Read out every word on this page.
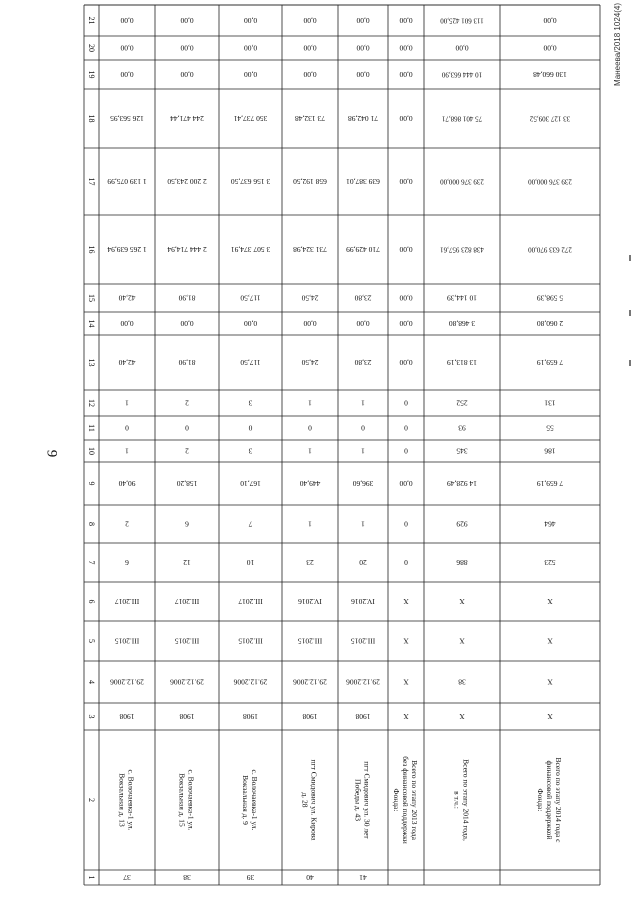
1
2
3
4
5
6
7
8
9
10
11
12
13
14
15
16
17
18
19
20
21
37
с. Волочаевка-1 ул.Вокзальная д. 13
1908
29.12.2006
III.2015
III.2017
6
2
90,40
1
0
1
42,40
0,00
42,40
1 265 639,94
1 139 075,99
126 563,95
0,00
0,00
0,00
38
с. Волочаевка-1 ул.Вокзальная д. 15
1908
29.12.2006
III.2015
III.2017
12
6
158,20
2
0
2
81,90
0,00
81,90
2 444 714,94
2 200 243,50
244 471,44
0,00
0,00
0,00
39
с. Волочаевка-1 ул.Вокзальная д. 9
1908
29.12.2006
III.2015
III.2017
10
7
167,10
3
0
3
117,50
0,00
117,50
3 507 374,91
3 156 637,50
350 737,41
0,00
0,00
0,00
40
пгт Смидович ул. Кировад. 28
1908
29.12.2006
III.2015
IV.2016
23
1
449,40
1
0
1
24,50
0,00
24,50
731 324,98
658 192,50
73 132,48
0,00
0,00
0,00
41
пгт Смидович ул. 30 летПобеды д. 43
1908
29.12.2006
III.2015
IV.2016
20
1
396,60
1
0
1
23,80
0,00
23,80
710 429,99
639 387,01
71 042,98
0,00
0,00
0,00
Всего по этапу 2013 годабез финансовой поддержкиФонда:
X
X
X
X
0
0
0,00
0
0
0
0,00
0,00
0,00
0,00
0,00
0,00
0,00
0,00
0,00
Всего по этапу 2014 года,в т.ч.:
X
38
X
X
886
929
14 928,49
345
93
252
13 813,19
3 468,80
10 144,39
438 823 957,61
239 376 000,00
75 401 868,71
10 444 663,90
0,00
113 601 425,00
Всего по этапу 2014 года сфинансовой поддержкойФонда:
X
X
X
X
523
464
7 659,19
186
55
131
7 659,19
2 060,80
5 598,39
272 633 970,00
239 376 000,00
33 127 309,52
130 660,48
0,00
0,00
9
Манеева/2018 1024(4)
